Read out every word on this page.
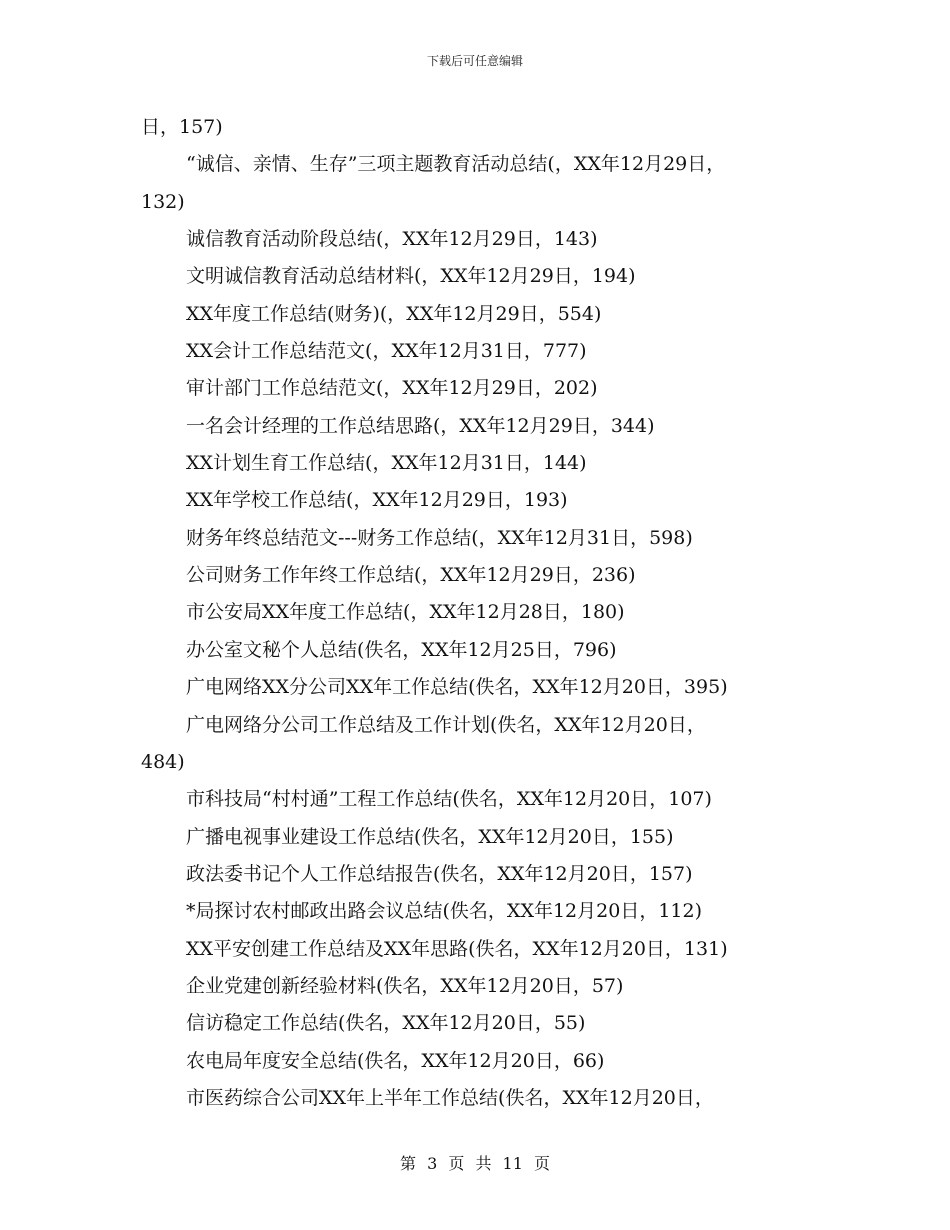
下载后可任意编辑
日，157)
“诚信、亲情、生存”三项主题教育活动总结(，XX年12月29日，
132)
诚信教育活动阶段总结(，XX年12月29日，143)
文明诚信教育活动总结材料(，XX年12月29日，194)
XX年度工作总结(财务)(，XX年12月29日，554)
XX会计工作总结范文(，XX年12月31日，777)
审计部门工作总结范文(，XX年12月29日，202)
一名会计经理的工作总结思路(，XX年12月29日，344)
XX计划生育工作总结(，XX年12月31日，144)
XX年学校工作总结(，XX年12月29日，193)
财务年终总结范文---财务工作总结(，XX年12月31日，598)
公司财务工作年终工作总结(，XX年12月29日，236)
市公安局XX年度工作总结(，XX年12月28日，180)
办公室文秘个人总结(佚名，XX年12月25日，796)
广电网络XX分公司XX年工作总结(佚名，XX年12月20日，395)
广电网络分公司工作总结及工作计划(佚名，XX年12月20日，
484)
市科技局“村村通”工程工作总结(佚名，XX年12月20日，107)
广播电视事业建设工作总结(佚名，XX年12月20日，155)
政法委书记个人工作总结报告(佚名，XX年12月20日，157)
*局探讨农村邮政出路会议总结(佚名，XX年12月20日，112)
XX平安创建工作总结及XX年思路(佚名，XX年12月20日，131)
企业党建创新经验材料(佚名，XX年12月20日，57)
信访稳定工作总结(佚名，XX年12月20日，55)
农电局年度安全总结(佚名，XX年12月20日，66)
市医药综合公司XX年上半年工作总结(佚名，XX年12月20日，
第 3 页 共 11 页
